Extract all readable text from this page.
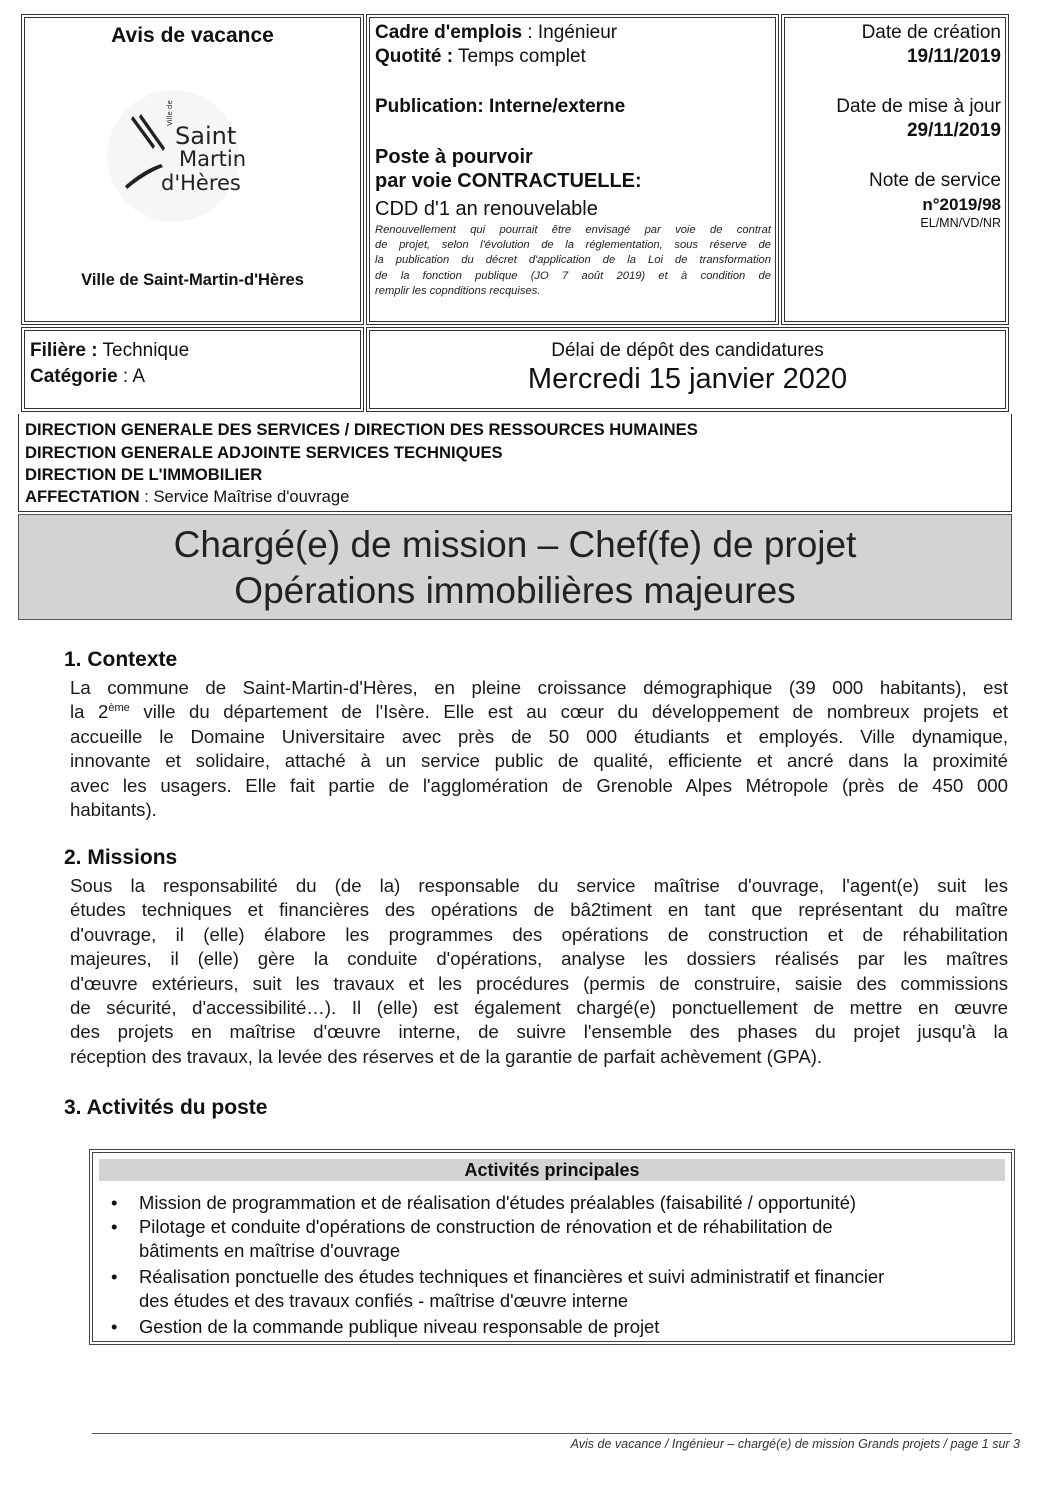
Avis de vacance
Ville de
Saint
Martin
d'Hères
Ville de Saint-Martin-d'Hères
Cadre d'emplois : Ingénieur
Quotité : Temps complet
Publication: Interne/externe
Poste à pourvoir
par voie CONTRACTUELLE:
CDD d'1 an renouvelable
Renouvellement qui pourrait être envisagé par voie de contrat
de projet, selon l'évolution de la réglementation, sous réserve de
la publication du décret d'application de la Loi de transformation
de la fonction publique (JO 7 août 2019) et à condition de
remplir les copnditions recquises.
Date de création
19/11/2019
Date de mise à jour
29/11/2019
Note de service
n°2019/98
EL/MN/VD/NR
Filière : Technique
Catégorie : A
Délai de dépôt des candidatures
Mercredi 15 janvier 2020
DIRECTION GENERALE DES SERVICES / DIRECTION DES RESSOURCES HUMAINES
DIRECTION GENERALE ADJOINTE SERVICES TECHNIQUES
DIRECTION DE L'IMMOBILIER
AFFECTATION : Service Maîtrise d'ouvrage
Chargé(e) de mission – Chef(fe) de projet
Opérations immobilières majeures
1. Contexte
La commune de Saint-Martin-d'Hères, en pleine croissance démographique (39 000 habitants), est
la 2ème ville du département de l'Isère. Elle est au cœur du développement de nombreux projets et
accueille le Domaine Universitaire avec près de 50 000 étudiants et employés. Ville dynamique,
innovante et solidaire, attaché à un service public de qualité, efficiente et ancré dans la proximité
avec les usagers. Elle fait partie de l'agglomération de Grenoble Alpes Métropole (près de 450 000
habitants).
2. Missions
Sous la responsabilité du (de la) responsable du service maîtrise d'ouvrage, l'agent(e) suit les
études techniques et financières des opérations de bâ2timent en tant que représentant du maître
d'ouvrage, il (elle) élabore les programmes des opérations de construction et de réhabilitation
majeures, il (elle) gère la conduite d'opérations, analyse les dossiers réalisés par les maîtres
d'œuvre extérieurs, suit les travaux et les procédures (permis de construire, saisie des commissions
de sécurité, d'accessibilité…). Il (elle) est également chargé(e) ponctuellement de mettre en œuvre
des projets en maîtrise d'œuvre interne, de suivre l'ensemble des phases du projet jusqu'à la
réception des travaux, la levée des réserves et de la garantie de parfait achèvement (GPA).
3. Activités du poste
Activités principales
• Mission de programmation et de réalisation d'études préalables (faisabilité / opportunité)
• Pilotage et conduite d'opérations de construction de rénovation et de réhabilitation de
bâtiments en maîtrise d'ouvrage
• Réalisation ponctuelle des études techniques et financières et suivi administratif et financier
des études et des travaux confiés - maîtrise d'œuvre interne
• Gestion de la commande publique niveau responsable de projet
Avis de vacance / Ingénieur – chargé(e) de mission Grands projets / page 1 sur 3
